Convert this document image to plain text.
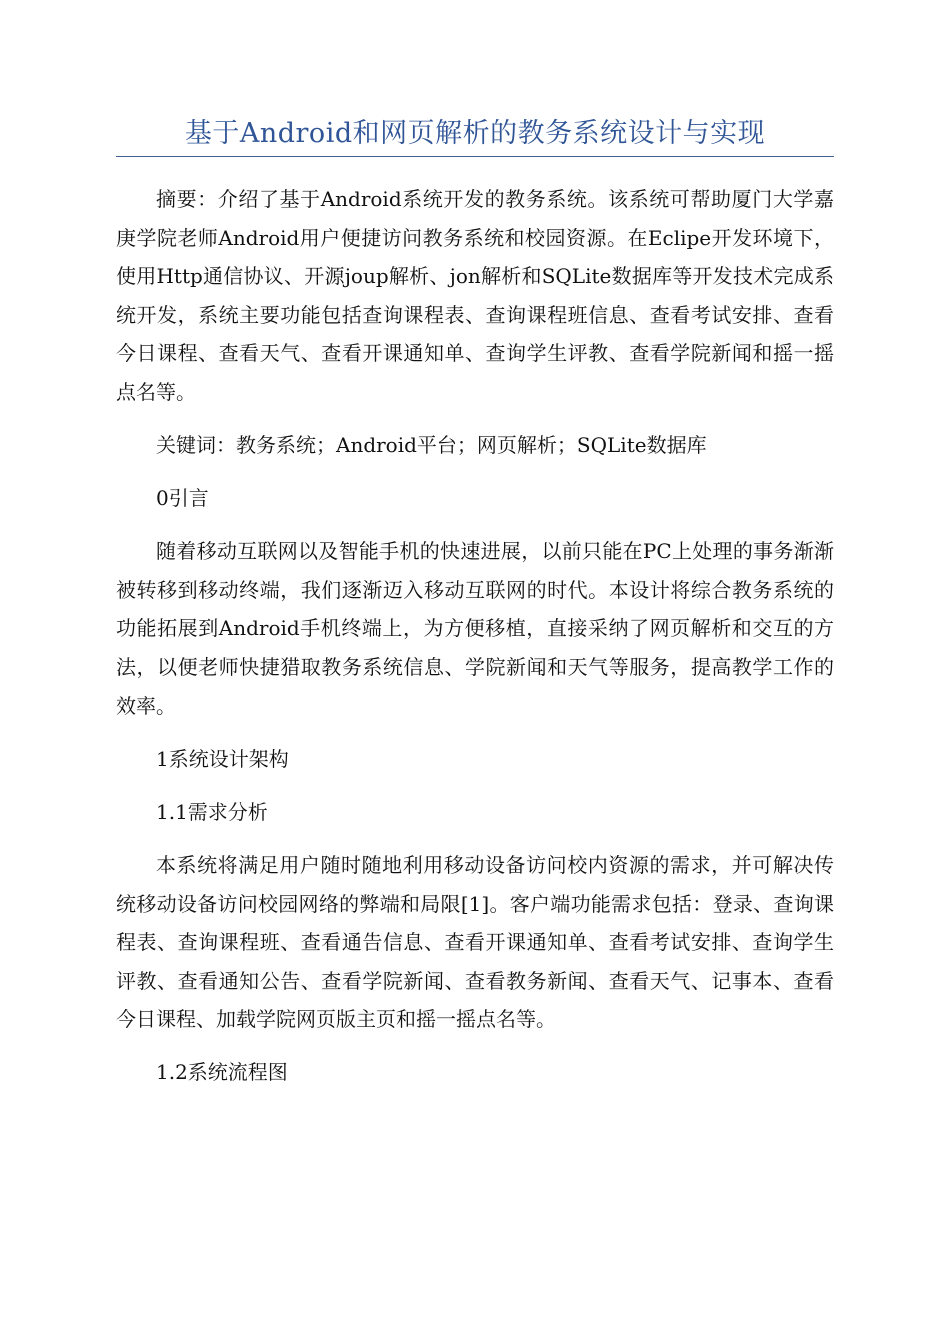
基于Android和网页解析的教务系统设计与实现

摘要：介绍了基于Android系统开发的教务系统。该系统可帮助厦门大学嘉庚学院老师Android用户便捷访问教务系统和校园资源。在Eclipe开发环境下，使用Http通信协议、开源joup解析、jon解析和SQLite数据库等开发技术完成系统开发，系统主要功能包括查询课程表、查询课程班信息、查看考试安排、查看今日课程、查看天气、查看开课通知单、查询学生评教、查看学院新闻和摇一摇点名等。

关键词：教务系统；Android平台；网页解析；SQLite数据库

0引言

随着移动互联网以及智能手机的快速进展，以前只能在PC上处理的事务渐渐被转移到移动终端，我们逐渐迈入移动互联网的时代。本设计将综合教务系统的功能拓展到Android手机终端上，为方便移植，直接采纳了网页解析和交互的方法，以便老师快捷猎取教务系统信息、学院新闻和天气等服务，提高教学工作的效率。

1系统设计架构

1.1需求分析

本系统将满足用户随时随地利用移动设备访问校内资源的需求，并可解决传统移动设备访问校园网络的弊端和局限[1]。客户端功能需求包括：登录、查询课程表、查询课程班、查看通告信息、查看开课通知单、查看考试安排、查询学生评教、查看通知公告、查看学院新闻、查看教务新闻、查看天气、记事本、查看今日课程、加载学院网页版主页和摇一摇点名等。

1.2系统流程图
